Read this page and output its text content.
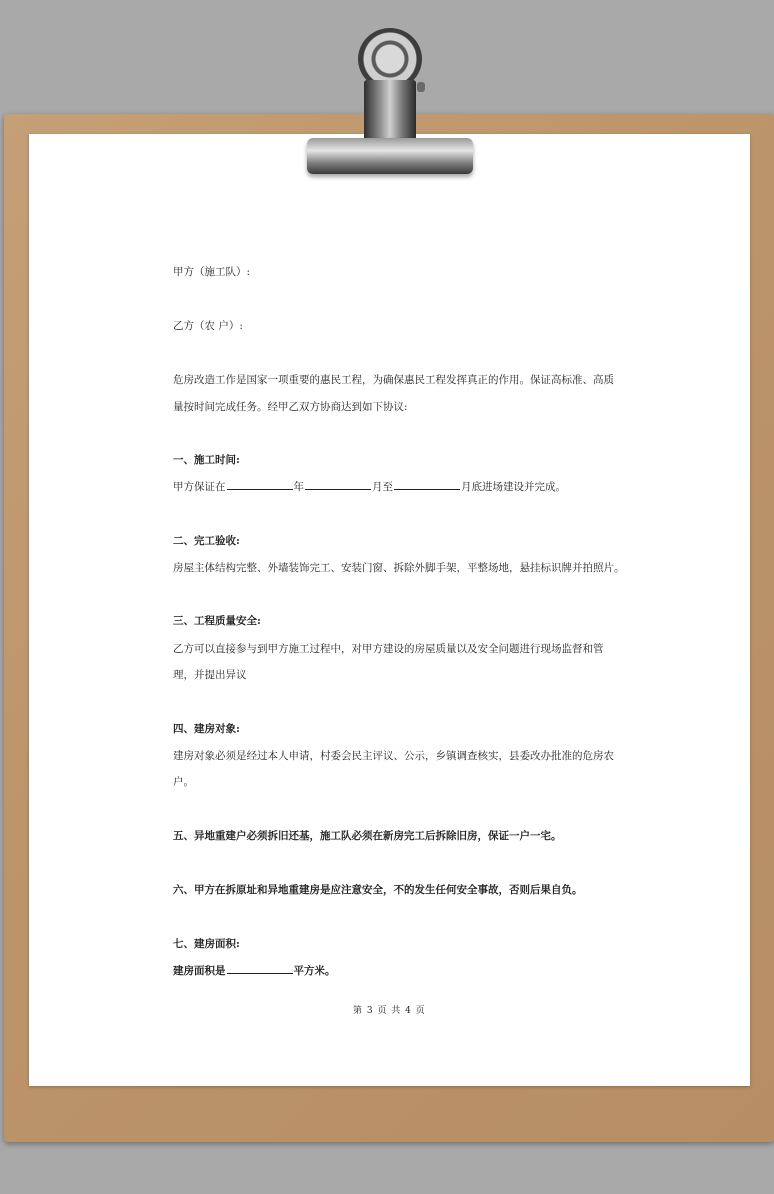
甲方（施工队）:
乙方（农 户）:
危房改造工作是国家一项重要的惠民工程，为确保惠民工程发挥真正的作用。保证高标准、高质
量按时间完成任务。经甲乙双方协商达到如下协议:
一、施工时间:
甲方保证在	年	月至	月底进场建设并完成。
二、完工验收:
房屋主体结构完整、外墙装饰完工、安装门窗、拆除外脚手架，平整场地，悬挂标识牌并拍照片。
三、工程质量安全:
乙方可以直接参与到甲方施工过程中，对甲方建设的房屋质量以及安全问题进行现场监督和管
理，并提出异议
四、建房对象:
建房对象必须是经过本人申请，村委会民主评议、公示，乡镇调查核实，县委改办批准的危房农
户。
五、异地重建户必须拆旧还基，施工队必须在新房完工后拆除旧房，保证一户一宅。
六、甲方在拆原址和异地重建房是应注意安全，不的发生任何安全事故，否则后果自负。
七、建房面积:
建房面积是	平方米。
第 3 页 共 4 页
